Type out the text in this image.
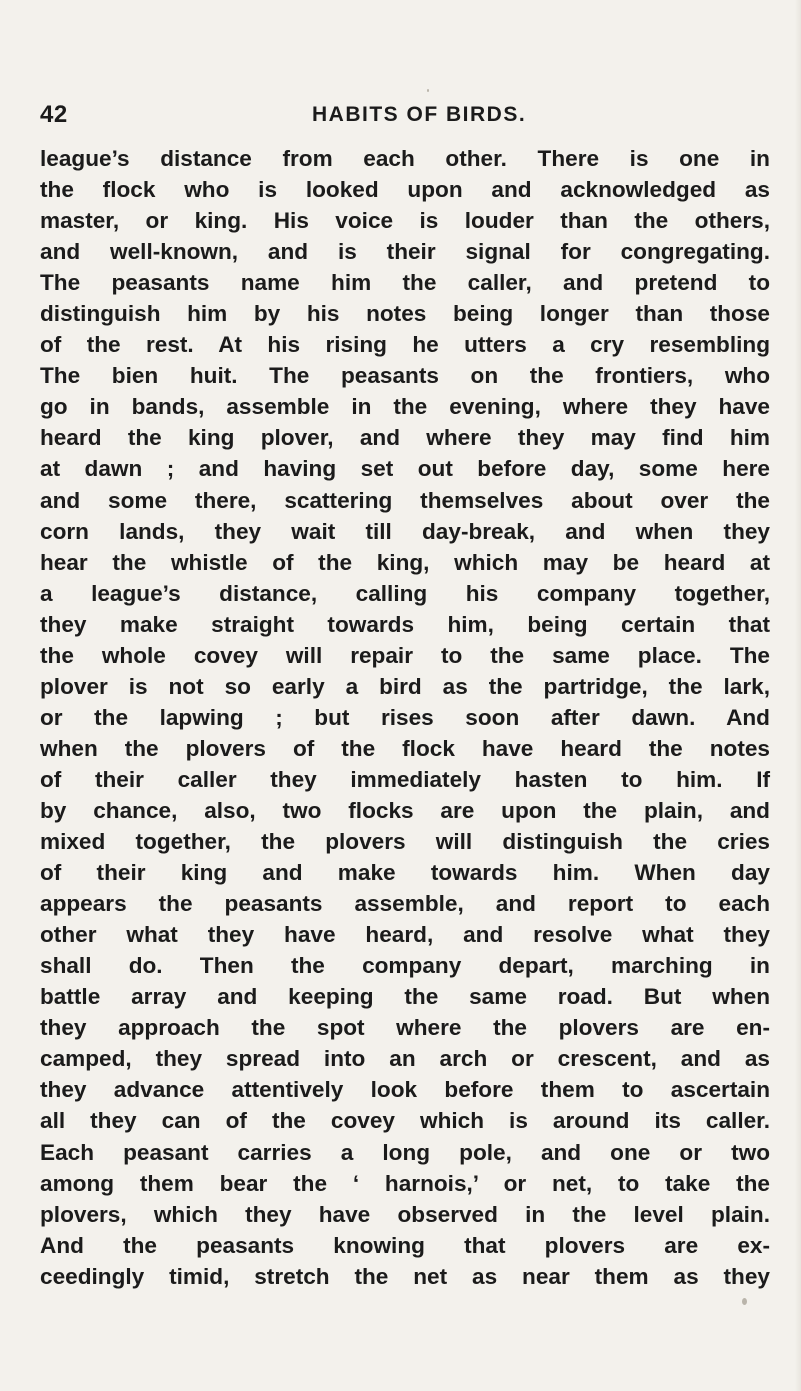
42	HABITS OF BIRDS.
league’s distance from each other. There is one in
the flock who is looked upon and acknowledged as
master, or king. His voice is louder than the others,
and well-known, and is their signal for congregating.
The peasants name him the caller, and pretend to
distinguish him by his notes being longer than those
of the rest. At his rising he utters a cry resembling
The bien huit. The peasants on the frontiers, who
go in bands, assemble in the evening, where they have
heard the king plover, and where they may find him
at dawn ; and having set out before day, some here
and some there, scattering themselves about over the
corn lands, they wait till day-break, and when they
hear the whistle of the king, which may be heard at
a league’s distance, calling his company together,
they make straight towards him, being certain that
the whole covey will repair to the same place. The
plover is not so early a bird as the partridge, the lark,
or the lapwing ; but rises soon after dawn. And
when the plovers of the flock have heard the notes
of their caller they immediately hasten to him. If
by chance, also, two flocks are upon the plain, and
mixed together, the plovers will distinguish the cries
of their king and make towards him. When day
appears the peasants assemble, and report to each
other what they have heard, and resolve what they
shall do. Then the company depart, marching in
battle array and keeping the same road. But when
they approach the spot where the plovers are en-
camped, they spread into an arch or crescent, and as
they advance attentively look before them to ascertain
all they can of the covey which is around its caller.
Each peasant carries a long pole, and one or two
among them bear the ‘ harnois,’ or net, to take the
plovers, which they have observed in the level plain.
And the peasants knowing that plovers are ex-
ceedingly timid, stretch the net as near them as they
